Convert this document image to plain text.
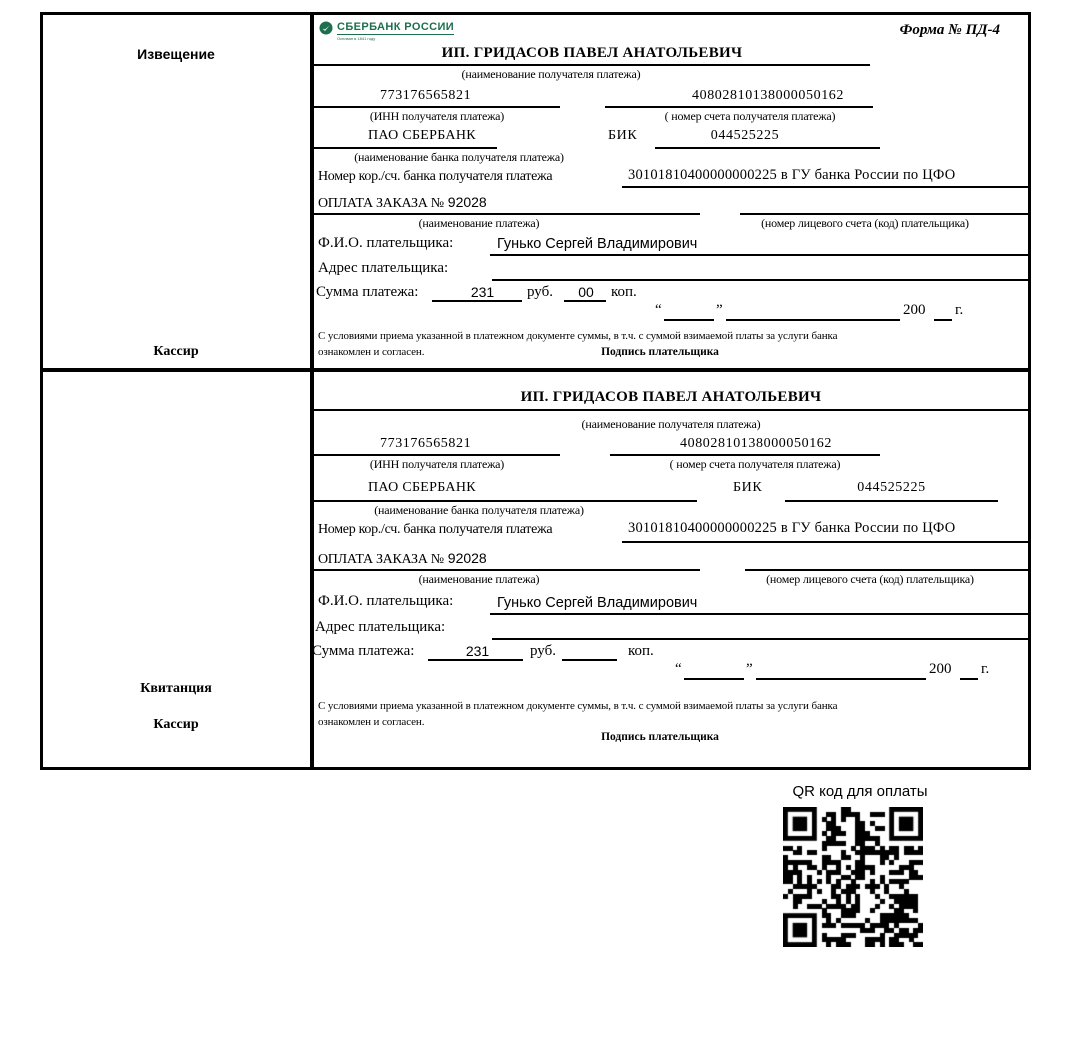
Извещение
Кассир
СБЕРБАНК РОССИИ
Основан в 1841 году
Форма № ПД-4
ИП. ГРИДАСОВ ПАВЕЛ АНАТОЛЬЕВИЧ
(наименование получателя платежа)
773176565821	40802810138000050162
(ИНН получателя платежа)	( номер счета получателя платежа)
ПАО СБЕРБАНК	БИК	044525225
(наименование банка получателя платежа)
Номер кор./сч. банка получателя платежа	30101810400000000225 в ГУ банка России по ЦФО
ОПЛАТА ЗАКАЗА № 92028
(наименование платежа)	(номер лицевого счета (код) плательщика)
Ф.И.О. плательщика:	Гунько Сергей Владимирович
Адрес плательщика:
Сумма платежа:	231	руб.	00	коп.
“	”	200 г.
С условиями приема указанной в платежном документе суммы, в т.ч. с суммой взимаемой платы за услуги банка
ознакомлен и согласен.	Подпись плательщика
Квитанция
Кассир
ИП. ГРИДАСОВ ПАВЕЛ АНАТОЛЬЕВИЧ
(наименование получателя платежа)
773176565821	40802810138000050162
(ИНН получателя платежа)	( номер счета получателя платежа)
ПАО СБЕРБАНК	БИК	044525225
(наименование банка получателя платежа)
Номер кор./сч. банка получателя платежа	30101810400000000225 в ГУ банка России по ЦФО
ОПЛАТА ЗАКАЗА № 92028
(наименование платежа)	(номер лицевого счета (код) плательщика)
Ф.И.О. плательщика:	Гунько Сергей Владимирович
Адрес плательщика:
Сумма платежа:	231	руб.	коп.
“	”	200 г.
С условиями приема указанной в платежном документе суммы, в т.ч. с суммой взимаемой платы за услуги банка
ознакомлен и согласен.
Подпись плательщика
QR код для оплаты
